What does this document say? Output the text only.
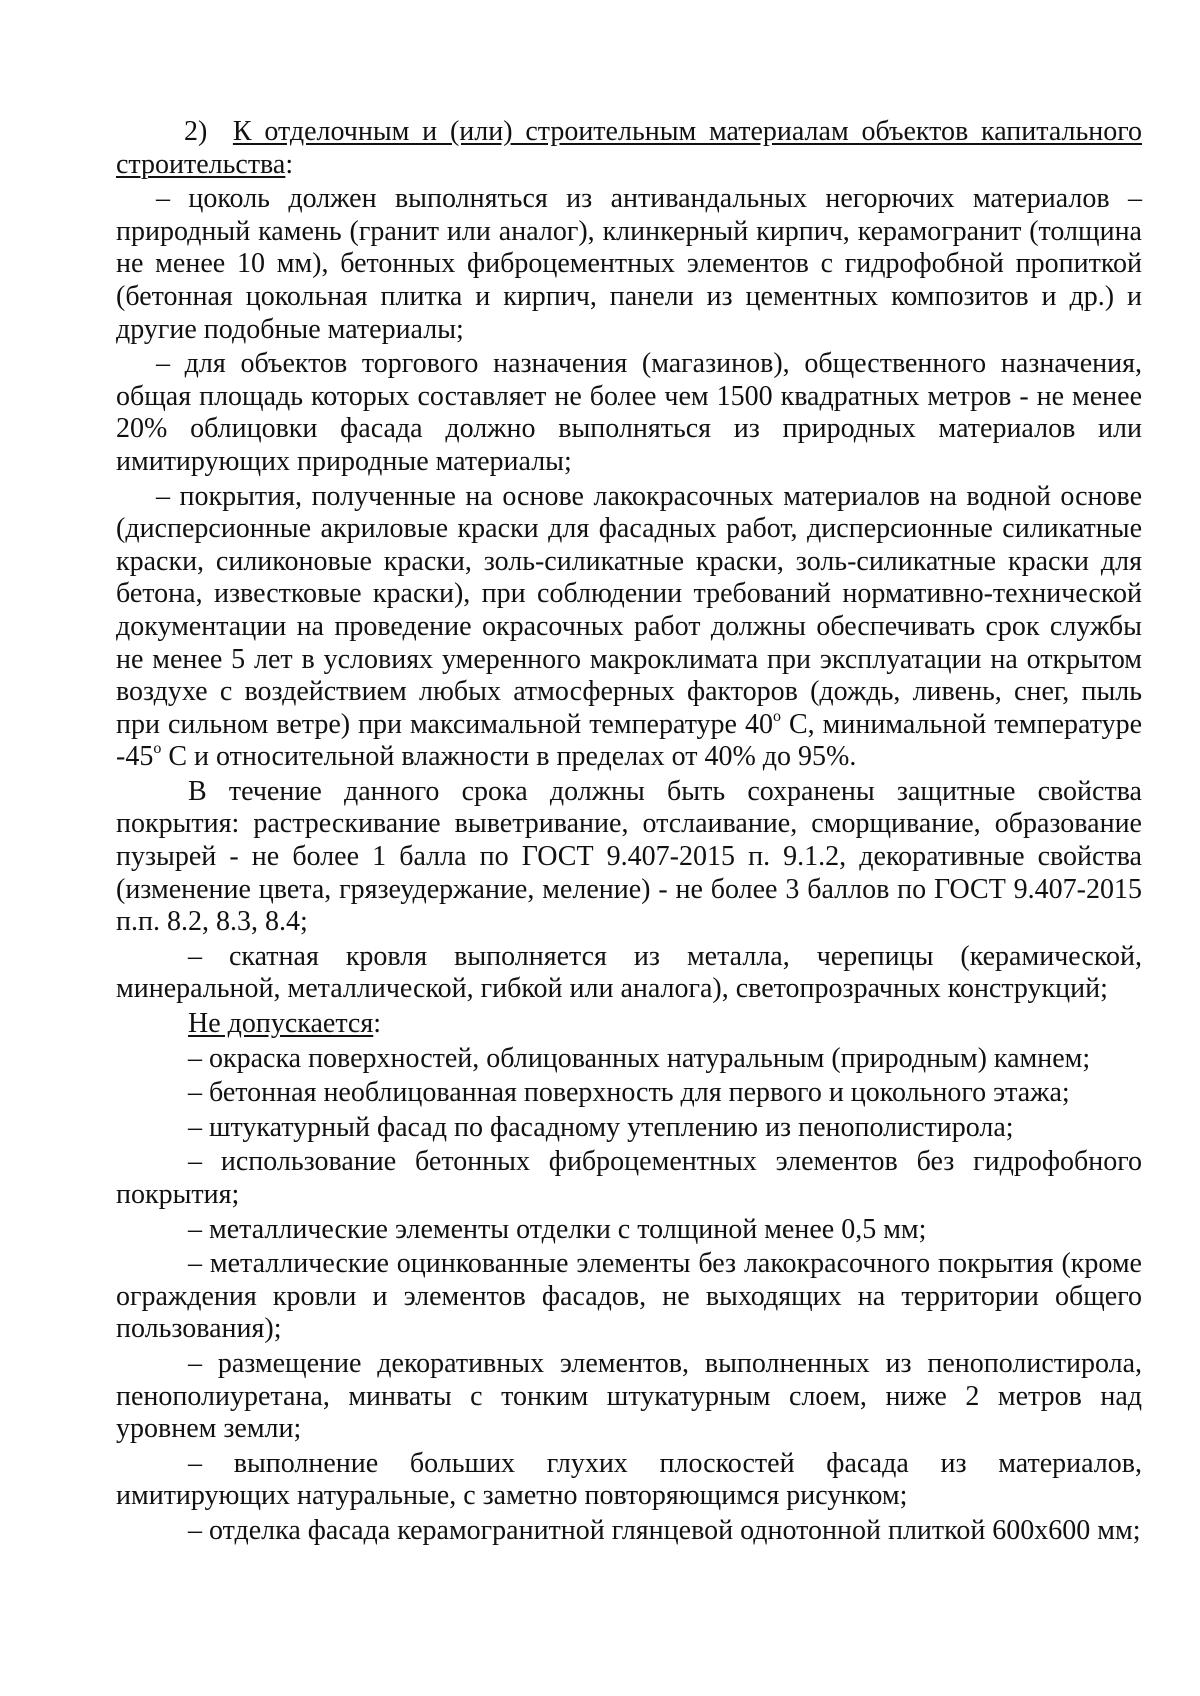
2) К отделочным и (или) строительным материалам объектов капитального строительства:

– цоколь должен выполняться из антивандальных негорючих материалов – природный камень (гранит или аналог), клинкерный кирпич, керамогранит (толщина не менее 10 мм), бетонных фиброцементных элементов с гидрофобной пропиткой (бетонная цокольная плитка и кирпич, панели из цементных композитов и др.) и другие подобные материалы;

– для объектов торгового назначения (магазинов), общественного назначения, общая площадь которых составляет не более чем 1500 квадратных метров - не менее 20% облицовки фасада должно выполняться из природных материалов или имитирующих природные материалы;

– покрытия, полученные на основе лакокрасочных материалов на водной основе (дисперсионные акриловые краски для фасадных работ, дисперсионные силикатные краски, силиконовые краски, золь-силикатные краски, золь-силикатные краски для бетона, известковые краски), при соблюдении требований нормативно-технической документации на проведение окрасочных работ должны обеспечивать срок службы не менее 5 лет в условиях умеренного макроклимата при эксплуатации на открытом воздухе с воздействием любых атмосферных факторов (дождь, ливень, снег, пыль при сильном ветре) при максимальной температуре 40$^o$ С, минимальной температуре -45$^o$ С и относительной влажности в пределах от 40% до 95%.

В течение данного срока должны быть сохранены защитные свойства покрытия: растрескивание выветривание, отслаивание, сморщивание, образование пузырей - не более 1 балла по ГОСТ 9.407-2015 п. 9.1.2, декоративные свойства (изменение цвета, грязеудержание, меление) - не более 3 баллов по ГОСТ 9.407-2015 п.п. 8.2, 8.3, 8.4;

– скатная кровля выполняется из металла, черепицы (керамической, минеральной, металлической, гибкой или аналога), светопрозрачных конструкций;

Не допускается:

– окраска поверхностей, облицованных натуральным (природным) камнем;

– бетонная необлицованная поверхность для первого и цокольного этажа;

– штукатурный фасад по фасадному утеплению из пенополистирола;

– использование бетонных фиброцементных элементов без гидрофобного покрытия;

– металлические элементы отделки с толщиной менее 0,5 мм;

– металлические оцинкованные элементы без лакокрасочного покрытия (кроме ограждения кровли и элементов фасадов, не выходящих на территории общего пользования);

– размещение декоративных элементов, выполненных из пенополистирола, пенополиуретана, минваты с тонким штукатурным слоем, ниже 2 метров над уровнем земли;

– выполнение больших глухих плоскостей фасада из материалов, имитирующих натуральные, с заметно повторяющимся рисунком;

– отделка фасада керамогранитной глянцевой однотонной плиткой 600х600 мм;
